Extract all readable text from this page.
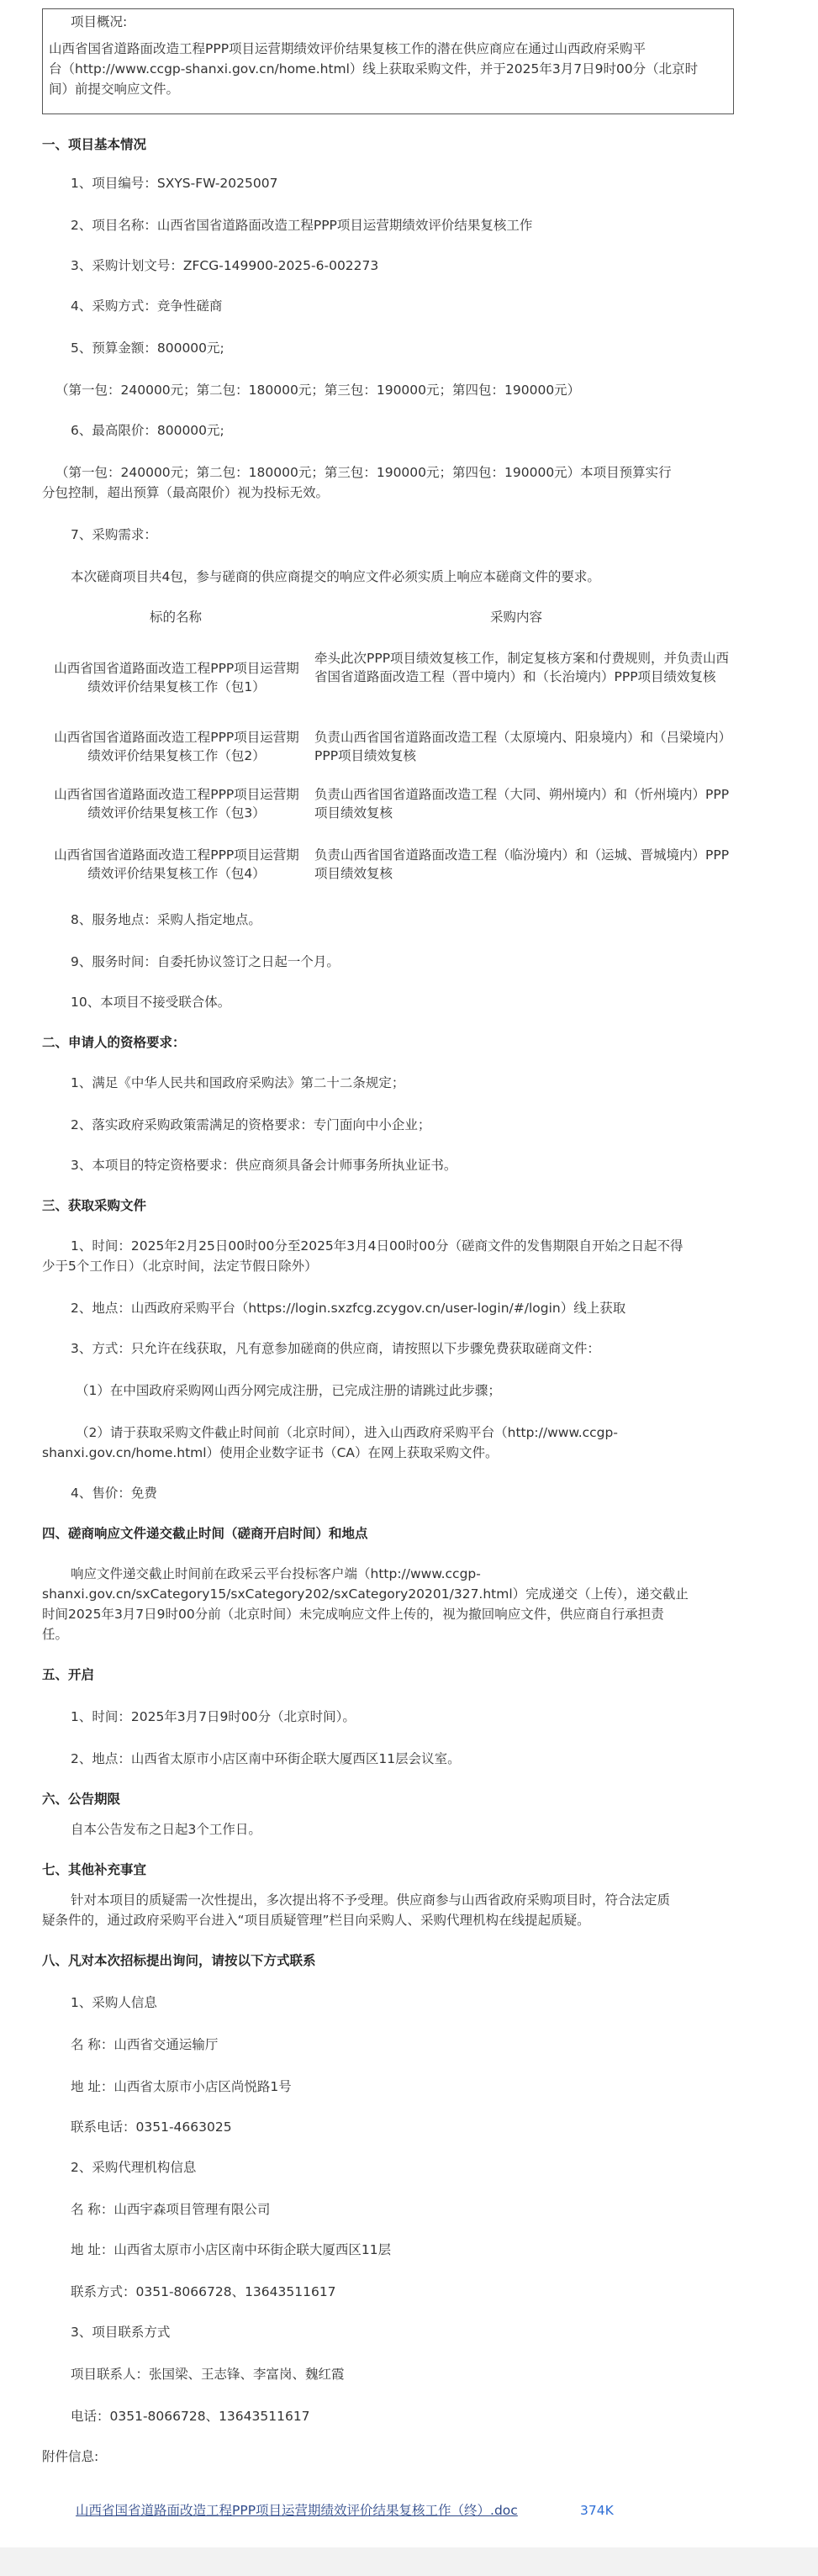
项目概况:
山西省国省道路面改造工程PPP项目运营期绩效评价结果复核工作的潜在供应商应在通过山西政府采购平
台（http://www.ccgp-shanxi.gov.cn/home.html）线上获取采购文件，并于2025年3月7日9时00分（北京时
间）前提交响应文件。
一、项目基本情况
1、项目编号：SXYS-FW-2025007
2、项目名称：山西省国省道路面改造工程PPP项目运营期绩效评价结果复核工作
3、采购计划文号：ZFCG-149900-2025-6-002273
4、采购方式：竞争性磋商
5、预算金额：800000元;
（第一包：240000元；第二包：180000元；第三包：190000元；第四包：190000元）
6、最高限价：800000元;
（第一包：240000元；第二包：180000元；第三包：190000元；第四包：190000元）本项目预算实行
分包控制，超出预算（最高限价）视为投标无效。
7、采购需求：
本次磋商项目共4包，参与磋商的供应商提交的响应文件必须实质上响应本磋商文件的要求。
标的名称	采购内容
山西省国省道路面改造工程PPP项目运营期绩效评价结果复核工作（包1）
牵头此次PPP项目绩效复核工作，制定复核方案和付费规则，并负责山西省国省道路面改造工程（晋中境内）和（长治境内）PPP项目绩效复核
山西省国省道路面改造工程PPP项目运营期绩效评价结果复核工作（包2）
负责山西省国省道路面改造工程（太原境内、阳泉境内）和（吕梁境内）PPP项目绩效复核
山西省国省道路面改造工程PPP项目运营期绩效评价结果复核工作（包3）
负责山西省国省道路面改造工程（大同、朔州境内）和（忻州境内）PPP项目绩效复核
山西省国省道路面改造工程PPP项目运营期绩效评价结果复核工作（包4）
负责山西省国省道路面改造工程（临汾境内）和（运城、晋城境内）PPP项目绩效复核
8、服务地点：采购人指定地点。
9、服务时间：自委托协议签订之日起一个月。
10、本项目不接受联合体。
二、申请人的资格要求：
1、满足《中华人民共和国政府采购法》第二十二条规定；
2、落实政府采购政策需满足的资格要求：专门面向中小企业；
3、本项目的特定资格要求：供应商须具备会计师事务所执业证书。
三、获取采购文件
1、时间：2025年2月25日00时00分至2025年3月4日00时00分（磋商文件的发售期限自开始之日起不得
少于5个工作日）（北京时间，法定节假日除外）
2、地点：山西政府采购平台（https://login.sxzfcg.zcygov.cn/user-login/#/login）线上获取
3、方式：只允许在线获取，凡有意参加磋商的供应商，请按照以下步骤免费获取磋商文件：
（1）在中国政府采购网山西分网完成注册，已完成注册的请跳过此步骤；
（2）请于获取采购文件截止时间前（北京时间），进入山西政府采购平台（http://www.ccgp-
shanxi.gov.cn/home.html）使用企业数字证书（CA）在网上获取采购文件。
4、售价：免费
四、磋商响应文件递交截止时间（磋商开启时间）和地点
响应文件递交截止时间前在政采云平台投标客户端（http://www.ccgp-
shanxi.gov.cn/sxCategory15/sxCategory202/sxCategory20201/327.html）完成递交（上传），递交截止
时间2025年3月7日9时00分前（北京时间）未完成响应文件上传的，视为撤回响应文件，供应商自行承担责
任。
五、开启
1、时间：2025年3月7日9时00分（北京时间）。
2、地点：山西省太原市小店区南中环街企联大厦西区11层会议室。
六、公告期限
自本公告发布之日起3个工作日。
七、其他补充事宜
针对本项目的质疑需一次性提出，多次提出将不予受理。供应商参与山西省政府采购项目时，符合法定质
疑条件的，通过政府采购平台进入“项目质疑管理”栏目向采购人、采购代理机构在线提起质疑。
八、凡对本次招标提出询问，请按以下方式联系
1、采购人信息
名 称：山西省交通运输厅
地 址：山西省太原市小店区尚悦路1号
联系电话：0351-4663025
2、采购代理机构信息
名 称：山西宇森项目管理有限公司
地 址：山西省太原市小店区南中环街企联大厦西区11层
联系方式：0351-8066728、13643511617
3、项目联系方式
项目联系人：张国梁、王志锋、李富岗、魏红霞
电话：0351-8066728、13643511617
附件信息:
山西省国省道路面改造工程PPP项目运营期绩效评价结果复核工作（终）.doc	374K
